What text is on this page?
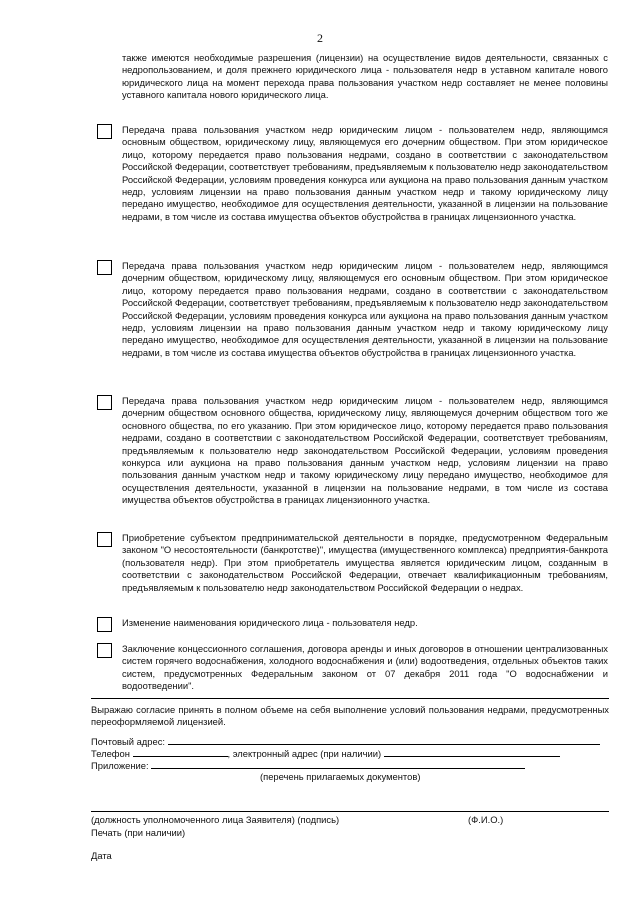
2
также имеются необходимые разрешения (лицензии) на осуществление видов деятельности, связанных с недропользованием, и доля прежнего юридического лица - пользователя недр в уставном капитале нового юридического лица на момент перехода права пользования участком недр составляет не менее половины уставного капитала нового юридического лица.
Передача права пользования участком недр юридическим лицом - пользователем недр, являющимся основным обществом, юридическому лицу, являющемуся его дочерним обществом. При этом юридическое лицо, которому передается право пользования недрами, создано в соответствии с законодательством Российской Федерации, соответствует требованиям, предъявляемым к пользователю недр законодательством Российской Федерации, условиям проведения конкурса или аукциона на право пользования данным участком недр, условиям лицензии на право пользования данным участком недр и такому юридическому лицу передано имущество, необходимое для осуществления деятельности, указанной в лицензии на пользование недрами, в том числе из состава имущества объектов обустройства в границах лицензионного участка.
Передача права пользования участком недр юридическим лицом - пользователем недр, являющимся дочерним обществом, юридическому лицу, являющемуся его основным обществом. При этом юридическое лицо, которому передается право пользования недрами, создано в соответствии с законодательством Российской Федерации, соответствует требованиям, предъявляемым к пользователю недр законодательством Российской Федерации, условиям проведения конкурса или аукциона на право пользования данным участком недр, условиям лицензии на право пользования данным участком недр и такому юридическому лицу передано имущество, необходимое для осуществления деятельности, указанной в лицензии на пользование недрами, в том числе из состава имущества объектов обустройства в границах лицензионного участка.
Передача права пользования участком недр юридическим лицом - пользователем недр, являющимся дочерним обществом основного общества, юридическому лицу, являющемуся дочерним обществом того же основного общества, по его указанию. При этом юридическое лицо, которому передается право пользования недрами, создано в соответствии с законодательством Российской Федерации, соответствует требованиям, предъявляемым к пользователю недр законодательством Российской Федерации, условиям проведения конкурса или аукциона на право пользования данным участком недр, условиям лицензии на право пользования данным участком недр и такому юридическому лицу передано имущество, необходимое для осуществления деятельности, указанной в лицензии на пользование недрами, в том числе из состава имущества объектов обустройства в границах лицензионного участка.
Приобретение субъектом предпринимательской деятельности в порядке, предусмотренном Федеральным законом "О несостоятельности (банкротстве)", имущества (имущественного комплекса) предприятия-банкрота (пользователя недр). При этом приобретатель имущества является юридическим лицом, созданным в соответствии с законодательством Российской Федерации, отвечает квалификационным требованиям, предъявляемым к пользователю недр законодательством Российской Федерации о недрах.
Изменение наименования юридического лица - пользователя недр.
Заключение концессионного соглашения, договора аренды и иных договоров в отношении централизованных систем горячего водоснабжения, холодного водоснабжения и (или) водоотведения, отдельных объектов таких систем, предусмотренных Федеральным законом от 07 декабря 2011 года "О водоснабжении и водоотведении".
Выражаю согласие принять в полном объеме на себя выполнение условий пользования недрами, предусмотренных переоформляемой лицензией.
Почтовый адрес:
Телефон	, электронный адрес (при наличии)
Приложение:
(перечень прилагаемых документов)
(должность уполномоченного лица Заявителя) (подпись)	(Ф.И.О.)
Печать (при наличии)
Дата
